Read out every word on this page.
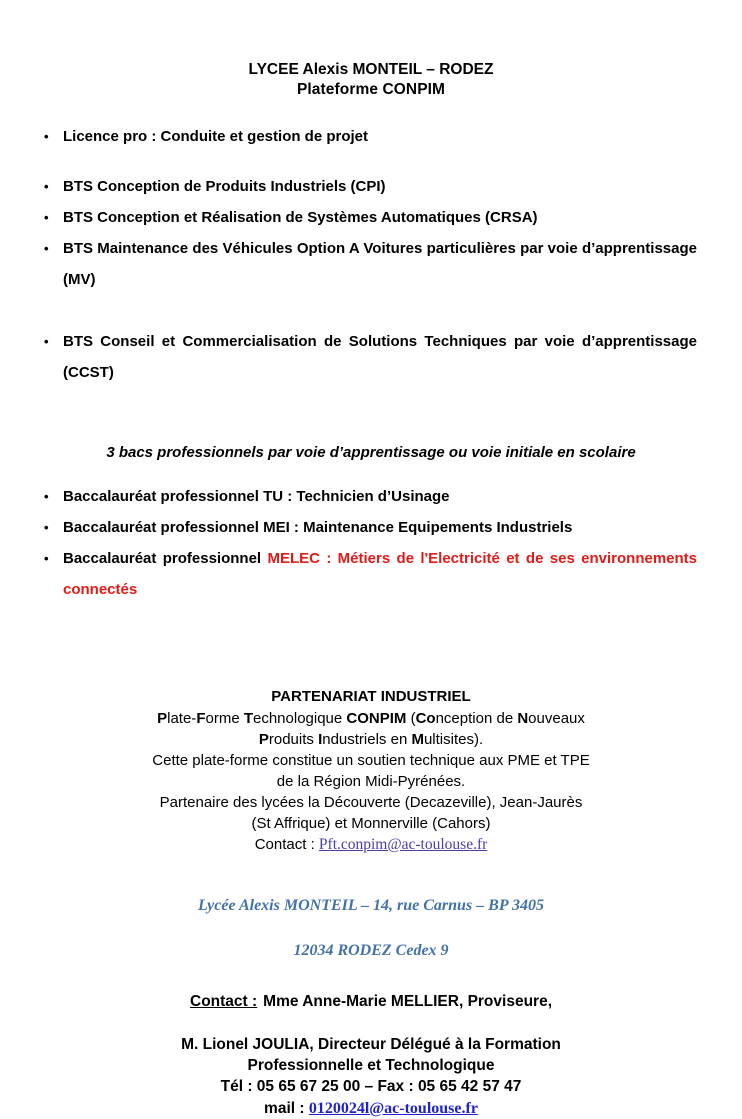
LYCEE Alexis MONTEIL – RODEZ
Plateforme CONPIM
• Licence pro : Conduite et gestion de projet
• BTS Conception de Produits Industriels (CPI)
• BTS Conception et Réalisation de Systèmes Automatiques (CRSA)
• BTS Maintenance des Véhicules Option A Voitures particulières par voie d’apprentissage (MV)
• BTS Conseil et Commercialisation de Solutions Techniques par voie d’apprentissage (CCST)
3 bacs professionnels par voie d’apprentissage ou voie initiale en scolaire
• Baccalauréat professionnel TU : Technicien d’Usinage
• Baccalauréat professionnel MEI : Maintenance Equipements Industriels
• Baccalauréat professionnel MELEC : Métiers de l'Electricité et de ses environnements connectés
PARTENARIAT INDUSTRIEL
Plate-Forme Technologique CONPIM (Conception de Nouveaux
Produits Industriels en Multisites).
Cette plate-forme constitue un soutien technique aux PME et TPE
de la Région Midi-Pyrénées.
Partenaire des lycées la Découverte (Decazeville), Jean-Jaurès
(St Affrique) et Monnerville (Cahors)
Contact : Pft.conpim@ac-toulouse.fr
Lycée Alexis MONTEIL – 14, rue Carnus – BP 3405
12034 RODEZ Cedex 9
Contact : Mme Anne-Marie MELLIER, Proviseure,
M. Lionel JOULIA, Directeur Délégué à la Formation
Professionnelle et Technologique
Tél : 05 65 67 25 00 – Fax : 05 65 42 57 47
mail : 0120024l@ac-toulouse.fr
